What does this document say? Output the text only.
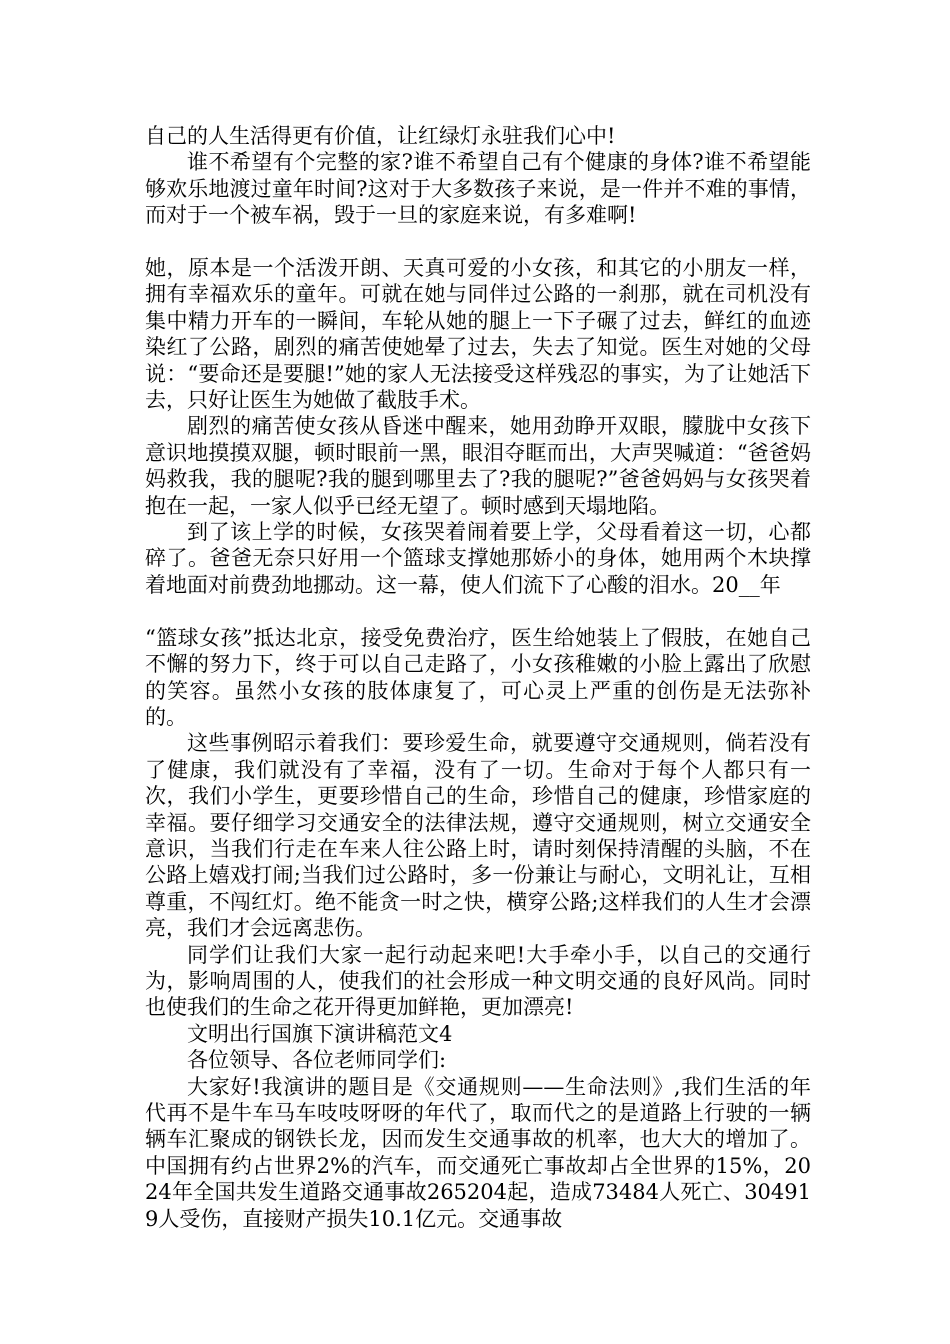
自己的人生活得更有价值，让红绿灯永驻我们心中!

谁不希望有个完整的家?谁不希望自己有个健康的身体?谁不希望能够欢乐地渡过童年时间?这对于大多数孩子来说，是一件并不难的事情，而对于一个被车祸，毁于一旦的家庭来说，有多难啊!

她，原本是一个活泼开朗、天真可爱的小女孩，和其它的小朋友一样，拥有幸福欢乐的童年。可就在她与同伴过公路的一刹那，就在司机没有集中精力开车的一瞬间，车轮从她的腿上一下子碾了过去，鲜红的血迹染红了公路，剧烈的痛苦使她晕了过去，失去了知觉。医生对她的父母说：“要命还是要腿!”她的家人无法接受这样残忍的事实，为了让她活下去，只好让医生为她做了截肢手术。

剧烈的痛苦使女孩从昏迷中醒来，她用劲睁开双眼，朦胧中女孩下意识地摸摸双腿，顿时眼前一黑，眼泪夺眶而出，大声哭喊道：“爸爸妈妈救我，我的腿呢?我的腿到哪里去了?我的腿呢?”爸爸妈妈与女孩哭着抱在一起，一家人似乎已经无望了。顿时感到天塌地陷。

到了该上学的时候，女孩哭着闹着要上学，父母看着这一切，心都碎了。爸爸无奈只好用一个篮球支撑她那娇小的身体，她用两个木块撑着地面对前费劲地挪动。这一幕，使人们流下了心酸的泪水。20__年

“篮球女孩”抵达北京，接受免费治疗，医生给她装上了假肢，在她自己不懈的努力下，终于可以自己走路了，小女孩稚嫩的小脸上露出了欣慰的笑容。虽然小女孩的肢体康复了，可心灵上严重的创伤是无法弥补的。

这些事例昭示着我们：要珍爱生命，就要遵守交通规则，倘若没有了健康，我们就没有了幸福，没有了一切。生命对于每个人都只有一次，我们小学生，更要珍惜自己的生命，珍惜自己的健康，珍惜家庭的幸福。要仔细学习交通安全的法律法规，遵守交通规则，树立交通安全意识，当我们行走在车来人往公路上时，请时刻保持清醒的头脑，不在公路上嬉戏打闹;当我们过公路时，多一份兼让与耐心，文明礼让，互相尊重，不闯红灯。绝不能贪一时之快，横穿公路;这样我们的人生才会漂亮，我们才会远离悲伤。

同学们让我们大家一起行动起来吧!大手牵小手，以自己的交通行为，影响周围的人，使我们的社会形成一种文明交通的良好风尚。同时也使我们的生命之花开得更加鲜艳，更加漂亮!

文明出行国旗下演讲稿范文4

各位领导、各位老师同学们:

大家好!我演讲的题目是《交通规则——生命法则》,我们生活的年代再不是牛车马车吱吱呀呀的年代了，取而代之的是道路上行驶的一辆辆车汇聚成的钢铁长龙，因而发生交通事故的机率，也大大的增加了。中国拥有约占世界2%的汽车，而交通死亡事故却占全世界的15%，2024年全国共发生道路交通事故265204起，造成73484人死亡、304919人受伤，直接财产损失10.1亿元。交通事故
